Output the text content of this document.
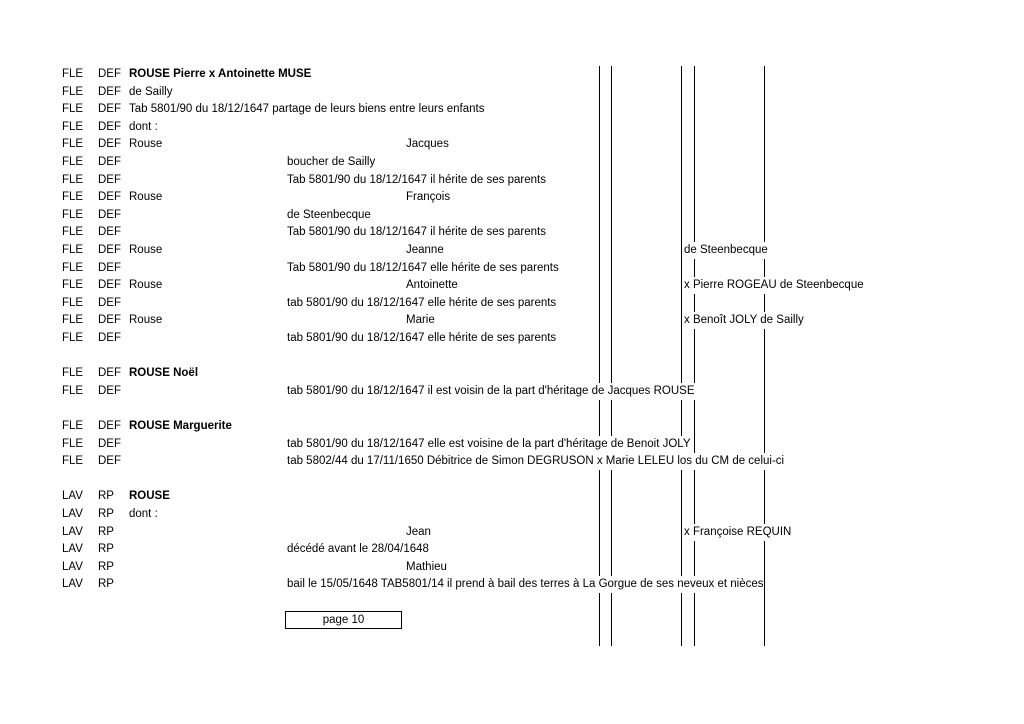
FLE DEF ROUSE Pierre x Antoinette MUSE
FLE DEF de Sailly
FLE DEF Tab 5801/90 du 18/12/1647 partage de leurs biens entre leurs enfants
FLE DEF dont :
FLE DEF Rouse	Jacques
FLE DEF	boucher de Sailly
FLE DEF	Tab 5801/90 du 18/12/1647 il hérite de ses parents
FLE DEF Rouse	François
FLE DEF	de Steenbecque
FLE DEF	Tab 5801/90 du 18/12/1647 il hérite de ses parents
FLE DEF Rouse	Jeanne	de Steenbecque
FLE DEF	Tab 5801/90 du 18/12/1647 elle hérite de ses parents
FLE DEF Rouse	Antoinette	x Pierre ROGEAU de Steenbecque
FLE DEF	tab 5801/90 du 18/12/1647 elle hérite de ses parents
FLE DEF Rouse	Marie	x Benoît JOLY de Sailly
FLE DEF	tab 5801/90 du 18/12/1647 elle hérite de ses parents
FLE DEF ROUSE Noël
FLE DEF	tab 5801/90 du 18/12/1647 il est voisin de la part d'héritage de Jacques ROUSE
FLE DEF ROUSE Marguerite
FLE DEF	tab 5801/90 du 18/12/1647 elle est voisine de la part d'héritage de Benoit JOLY
FLE DEF	tab 5802/44 du 17/11/1650 Débitrice de Simon DEGRUSON x Marie LELEU los du CM de celui-ci
LAV RP ROUSE
LAV RP dont :
LAV RP	Jean	x Françoise REQUIN
LAV RP	décédé avant le 28/04/1648
LAV RP	Mathieu
LAV RP	bail le 15/05/1648 TAB5801/14 il prend à bail des terres à La Gorgue de ses neveux et nièces
page 10
